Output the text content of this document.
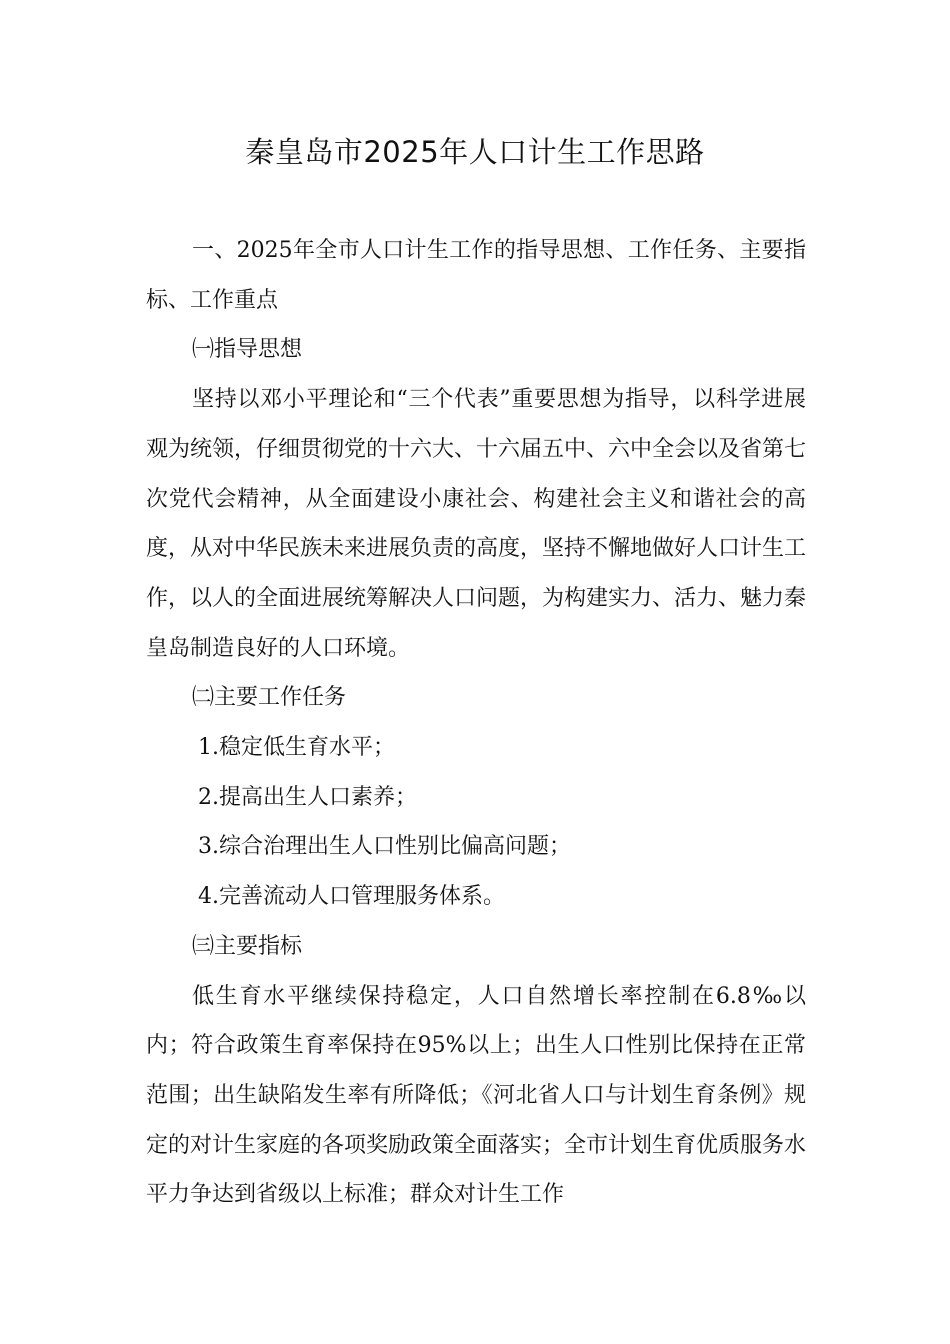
秦皇岛市2025年人口计生工作思路

一、2025年全市人口计生工作的指导思想、工作任务、主要指标、工作重点

㈠指导思想

坚持以邓小平理论和“三个代表”重要思想为指导，以科学进展观为统领，仔细贯彻党的十六大、十六届五中、六中全会以及省第七次党代会精神，从全面建设小康社会、构建社会主义和谐社会的高度，从对中华民族未来进展负责的高度，坚持不懈地做好人口计生工作，以人的全面进展统筹解决人口问题，为构建实力、活力、魅力秦皇岛制造良好的人口环境。

㈡主要工作任务

1.稳定低生育水平；

2.提高出生人口素养；

3.综合治理出生人口性别比偏高问题；

4.完善流动人口管理服务体系。

㈢主要指标

低生育水平继续保持稳定，人口自然增长率控制在6.8‰以内；符合政策生育率保持在95%以上；出生人口性别比保持在正常范围；出生缺陷发生率有所降低；《河北省人口与计划生育条例》规定的对计生家庭的各项奖励政策全面落实；全市计划生育优质服务水平力争达到省级以上标准；群众对计生工作
